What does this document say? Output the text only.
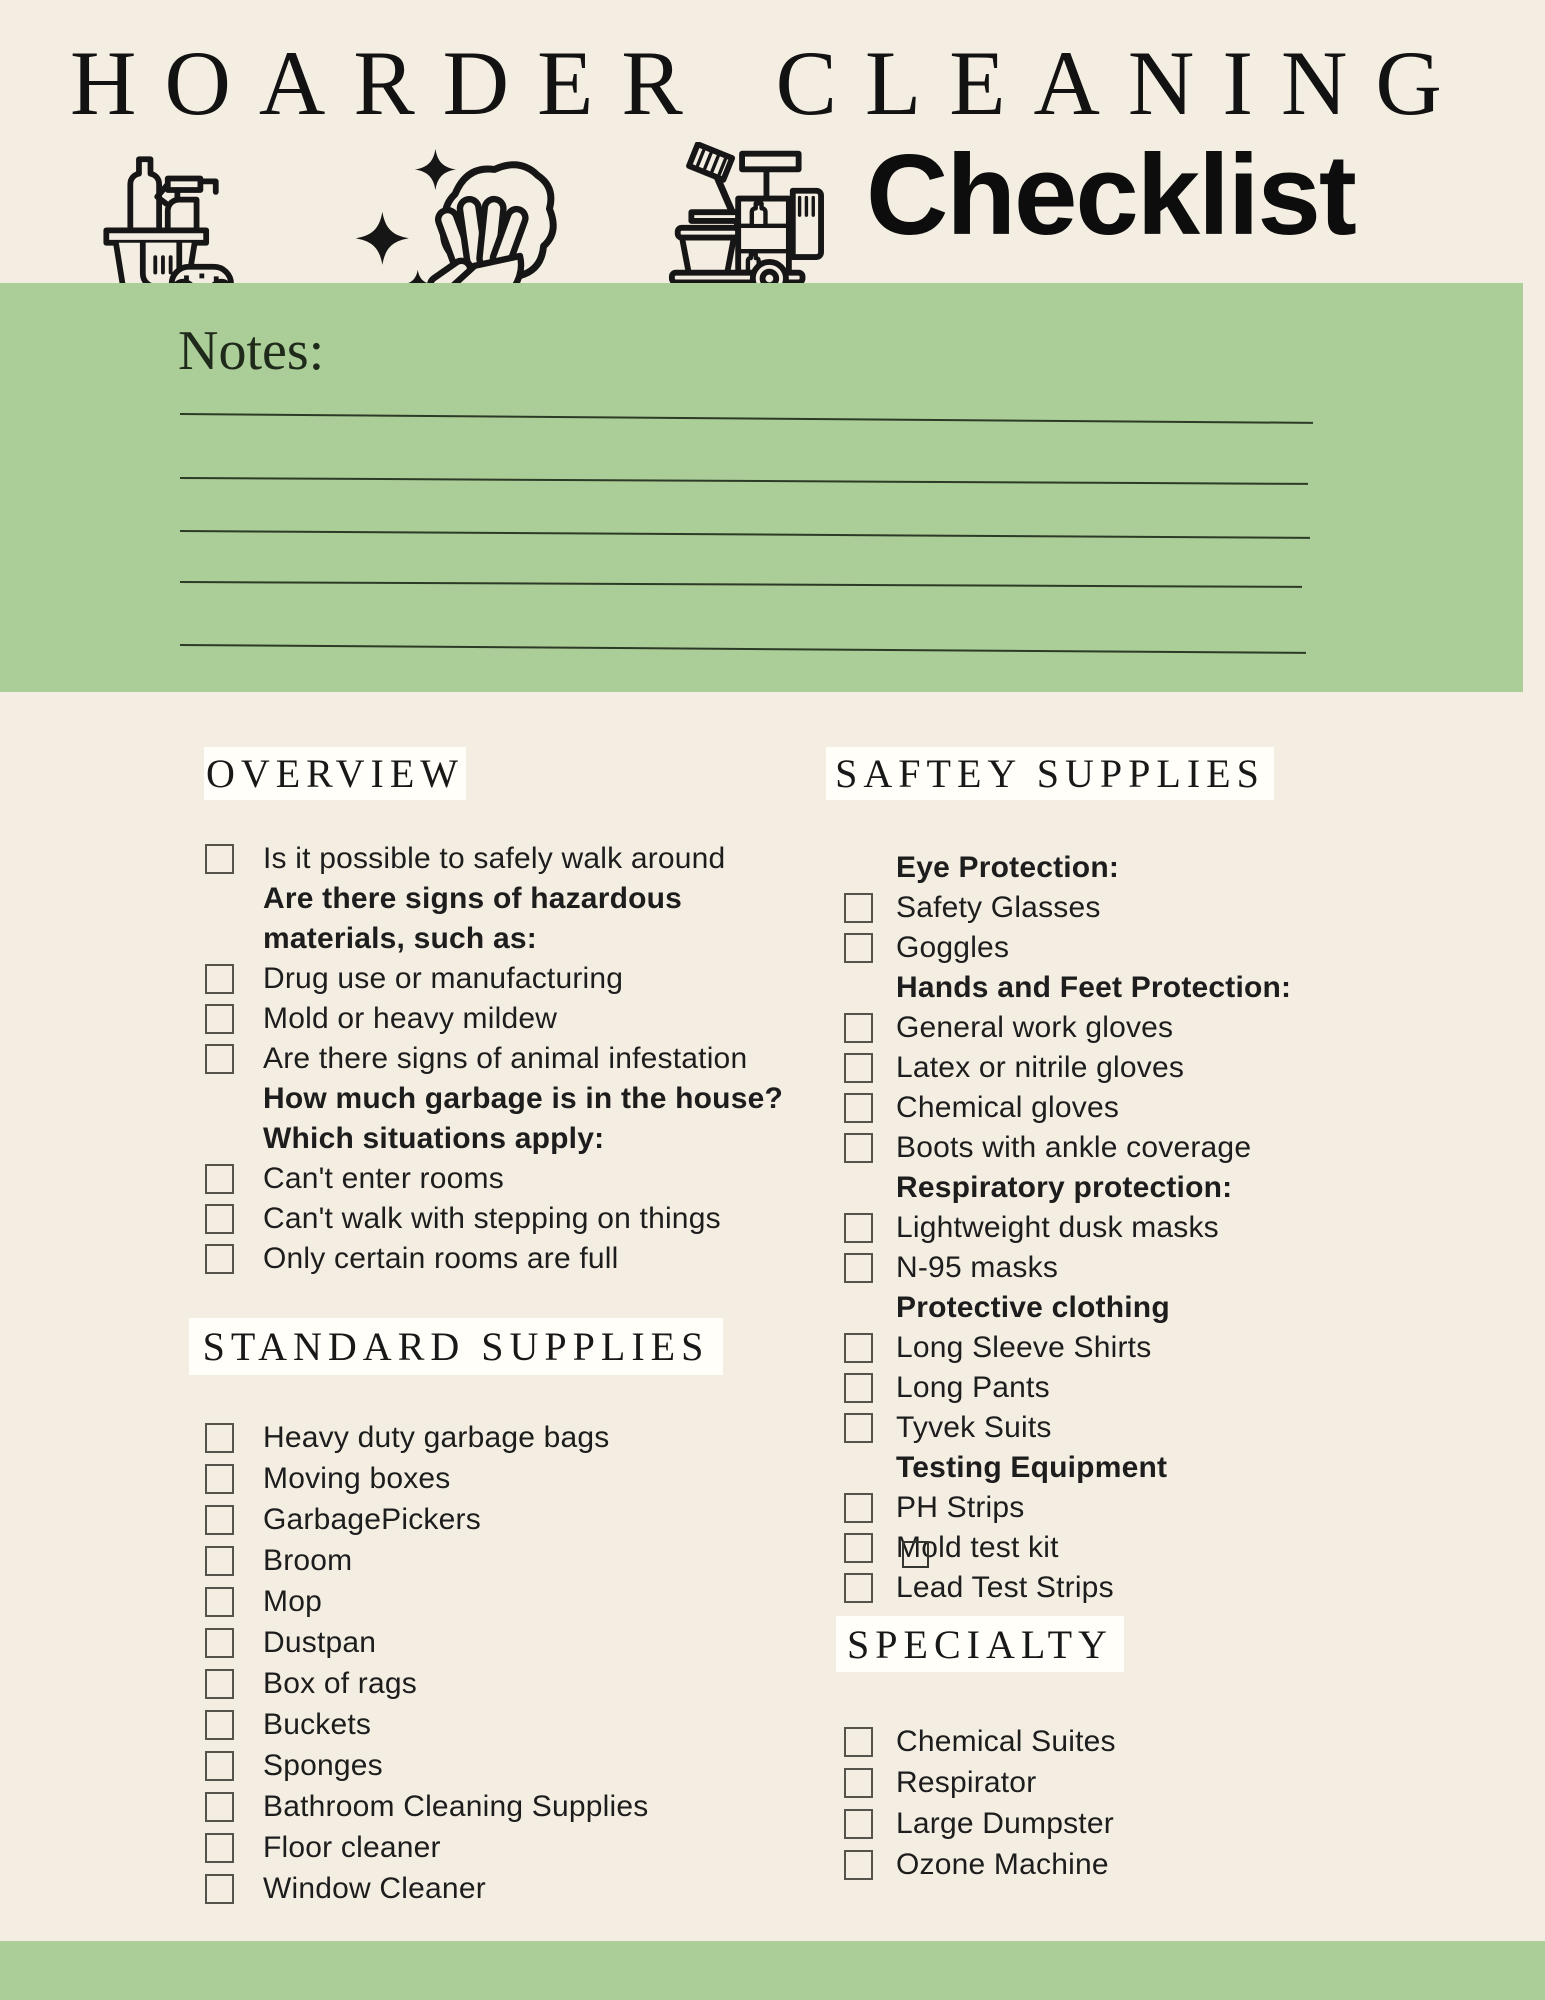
HOARDER CLEANING
Checklist
Notes:
OVERVIEW	SAFTEY SUPPLIES
STANDARD SUPPLIES
SPECIALTY
Is it possible to safely walk around
Are there signs of hazardous
materials, such as:
Drug use or manufacturing
Mold or heavy mildew
Are there signs of animal infestation
How much garbage is in the house?
Which situations apply:
Can't enter rooms
Can't walk with stepping on things
Only certain rooms are full
Heavy duty garbage bags
Moving boxes
GarbagePickers
Broom
Mop
Dustpan
Box of rags
Buckets
Sponges
Bathroom Cleaning Supplies
Floor cleaner
Window Cleaner
Eye Protection:
Safety Glasses
Goggles
Hands and Feet Protection:
General work gloves
Latex or nitrile gloves
Chemical gloves
Boots with ankle coverage
Respiratory protection:
Lightweight dusk masks
N-95 masks
Protective clothing
Long Sleeve Shirts
Long Pants
Tyvek Suits
Testing Equipment
PH Strips
Mold test kit
Lead Test Strips
Chemical Suites
Respirator
Large Dumpster
Ozone Machine
